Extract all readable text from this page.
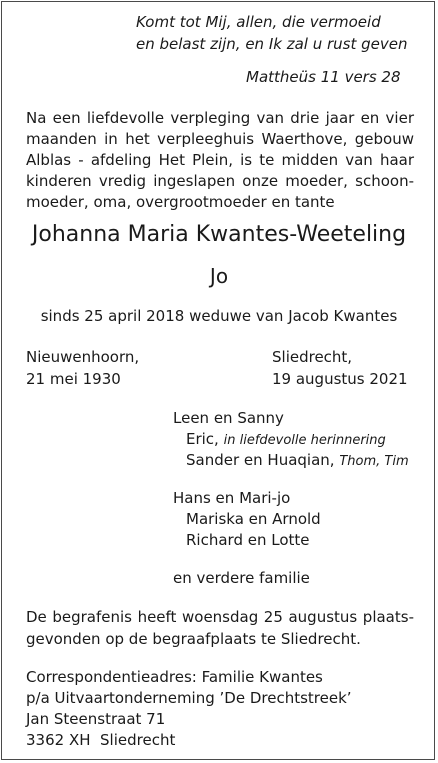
Komt tot Mij, allen, die vermoeid
en belast zijn, en Ik zal u rust geven
Mattheüs 11 vers 28
Na een liefdevolle verpleging van drie jaar en vier maanden in het verpleeghuis Waerthove, gebouw Alblas - afdeling Het Plein, is te midden van haar kinderen vredig ingeslapen onze moeder, schoonmoeder, oma, overgrootmoeder en tante
Johanna Maria Kwantes-Weeteling
Jo
sinds 25 april 2018 weduwe van Jacob Kwantes
Nieuwenhoorn,
21 mei 1930
Sliedrecht,
19 augustus 2021
Leen en Sanny
Eric, in liefdevolle herinnering
Sander en Huaqian, Thom, Tim
Hans en Mari-jo
Mariska en Arnold
Richard en Lotte
en verdere familie
De begrafenis heeft woensdag 25 augustus plaatsgevonden op de begraafplaats te Sliedrecht.
Correspondentieadres: Familie Kwantes
p/a Uitvaartonderneming ’De Drechtstreek’
Jan Steenstraat 71
3362 XH  Sliedrecht
